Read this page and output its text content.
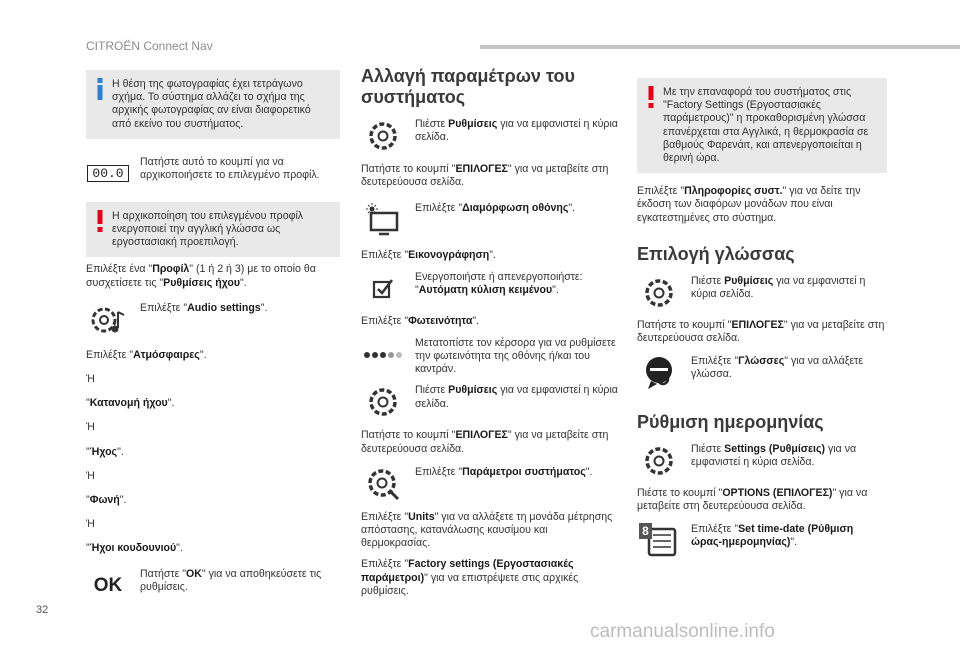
CITROËN Connect Nav

Η θέση της φωτογραφίας έχει τετράγωνο σχήμα. Το σύστημα αλλάζει το σχήμα της αρχικής φωτογραφίας αν είναι διαφορετικό από εκείνο του συστήματος.

00.0

Πατήστε αυτό το κουμπί για να αρχικοποιήσετε το επιλεγμένο προφίλ.

Η αρχικοποίηση του επιλεγμένου προφίλ ενεργοποιεί την αγγλική γλώσσα ως εργοστασιακή προεπιλογή.

Επιλέξτε ένα "Προφίλ" (1 ή 2 ή 3) με το οποίο θα συσχετίσετε τις "Ρυθμίσεις ήχου".

Επιλέξτε "Audio settings".

Επιλέξτε "Ατμόσφαιρες".

Ή

"Κατανομή ήχου".

Ή

"Ήχος".

Ή

"Φωνή".

Ή

"Ήχοι κουδουνιού".

OK

Πατήστε "OK" για να αποθηκεύσετε τις ρυθμίσεις.

Αλλαγή παραμέτρων του συστήματος

Πιέστε Ρυθμίσεις για να εμφανιστεί η κύρια σελίδα.

Πατήστε το κουμπί "ΕΠΙΛΟΓΕΣ" για να μεταβείτε στη δευτερεύουσα σελίδα.

Επιλέξτε "Διαμόρφωση οθόνης".

Επιλέξτε "Εικονογράφηση".

Ενεργοποιήστε ή απενεργοποιήστε: "Αυτόματη κύλιση κειμένου".

Επιλέξτε "Φωτεινότητα".

Μετατοπίστε τον κέρσορα για να ρυθμίσετε την φωτεινότητα της οθόνης ή/και του καντράν.

Πιέστε Ρυθμίσεις για να εμφανιστεί η κύρια σελίδα.

Πατήστε το κουμπί "ΕΠΙΛΟΓΕΣ" για να μεταβείτε στη δευτερεύουσα σελίδα.

Επιλέξτε "Παράμετροι συστήματος".

Επιλέξτε "Units" για να αλλάξετε τη μονάδα μέτρησης απόστασης, κατανάλωσης καυσίμου και θερμοκρασίας.

Επιλέξτε "Factory settings (Εργοστασιακές παράμετροι)" για να επιστρέψετε στις αρχικές ρυθμίσεις.

Με την επαναφορά του συστήματος στις "Factory Settings (Εργοστασιακές παράμετρους)" η προκαθορισμένη γλώσσα επανέρχεται στα Αγγλικά, η θερμοκρασία σε βαθμούς Φαρενάιτ, και απενεργοποιείται η θερινή ώρα.

Επιλέξτε "Πληροφορίες συστ." για να δείτε την έκδοση των διαφόρων μονάδων που είναι εγκατεστημένες στο σύστημα.

Επιλογή γλώσσας

Πιέστε Ρυθμίσεις για να εμφανιστεί η κύρια σελίδα.

Πατήστε το κουμπί "ΕΠΙΛΟΓΕΣ" για να μεταβείτε στη δευτερεύουσα σελίδα.

Επιλέξτε "Γλώσσες" για να αλλάξετε γλώσσα.

Ρύθμιση ημερομηνίας

Πιέστε Settings (Ρυθμίσεις) για να εμφανιστεί η κύρια σελίδα.

Πιέστε το κουμπί "OPTIONS (ΕΠΙΛΟΓΕΣ)" για να μεταβείτε στη δευτερεύουσα σελίδα.

8	Επιλέξτε "Set time-date (Ρύθμιση ώρας-ημερομηνίας)".

32
carmanualsonline.info
